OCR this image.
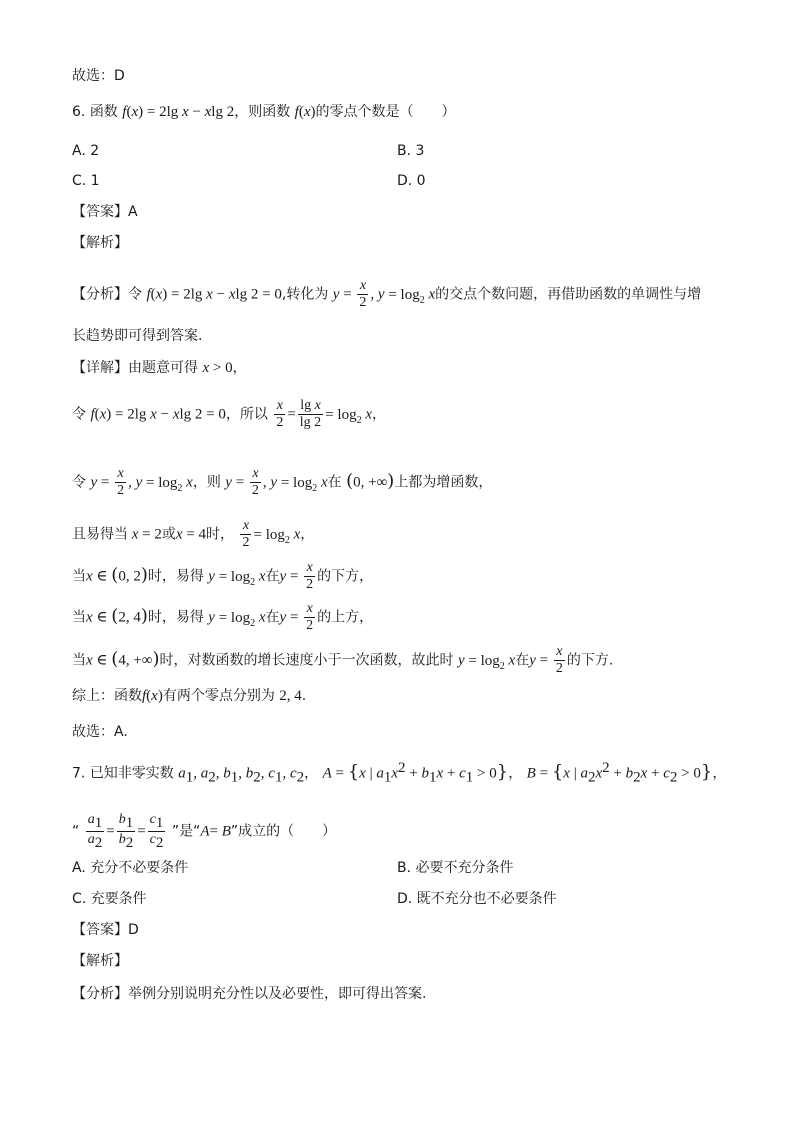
故选：D
6. 函数 f(x) = 2lg x − xlg 2，则函数 f(x)的零点个数是（　　）
A. 2	B. 3
C. 1	D. 0
【答案】A
【解析】
【分析】令 f(x) = 2lg x − xlg 2 = 0,转化为 $y = \frac{x}{2}$ , $y = \log_2 x$的交点个数问题，再借助函数的单调性与增
长趋势即可得到答案.
【详解】由题意可得 x > 0，
令 f(x) = 2lg x − xlg 2 = 0，所以 $\frac{x}{2} = \frac{\text{lg x}}{\lg 2} = \log_2 x$，
令 $y = \frac{x}{2}$ , $y = \log_2 x$，则 $y = \frac{x}{2}$ , $y = \log_2 x$在 (0, +∞)上都为增函数，
且易得当 x = 2或x = 4时， $\frac{x}{2} = \log_2 x$，
当x ∈ (0, 2)时，易得 $y = \log_2 x$在$y = \frac{x}{2}$ 的下方，
当x ∈ (2, 4)时，易得 $y = \log_2 x$在$y = \frac{x}{2}$ 的上方，
当x ∈ (4, +∞)时，对数函数的增长速度小于一次函数，故此时 $y = \log_2 x$在$y = \frac{x}{2}$ 的下方.
综上：函数f(x)有两个零点分别为 2, 4.
故选：A.
7. 已知非零实数 $a_1$, $a_2$, $b_1$, $b_2$, $c_1$, $c_2$， A = {x | $a_1x^2 + b_1x + c_1 > 0$}， B = {x | $a_2x^2 + b_2x + c_2 > 0$}，
“ $\frac{a_1}{a_2} = \frac{b_1}{b_2} = \frac{c_1}{c_2}$ ”是“A= B”成立的（　　）
A. 充分不必要条件	B. 必要不充分条件
C. 充要条件	D. 既不充分也不必要条件
【答案】D
【解析】
【分析】举例分别说明充分性以及必要性，即可得出答案.
